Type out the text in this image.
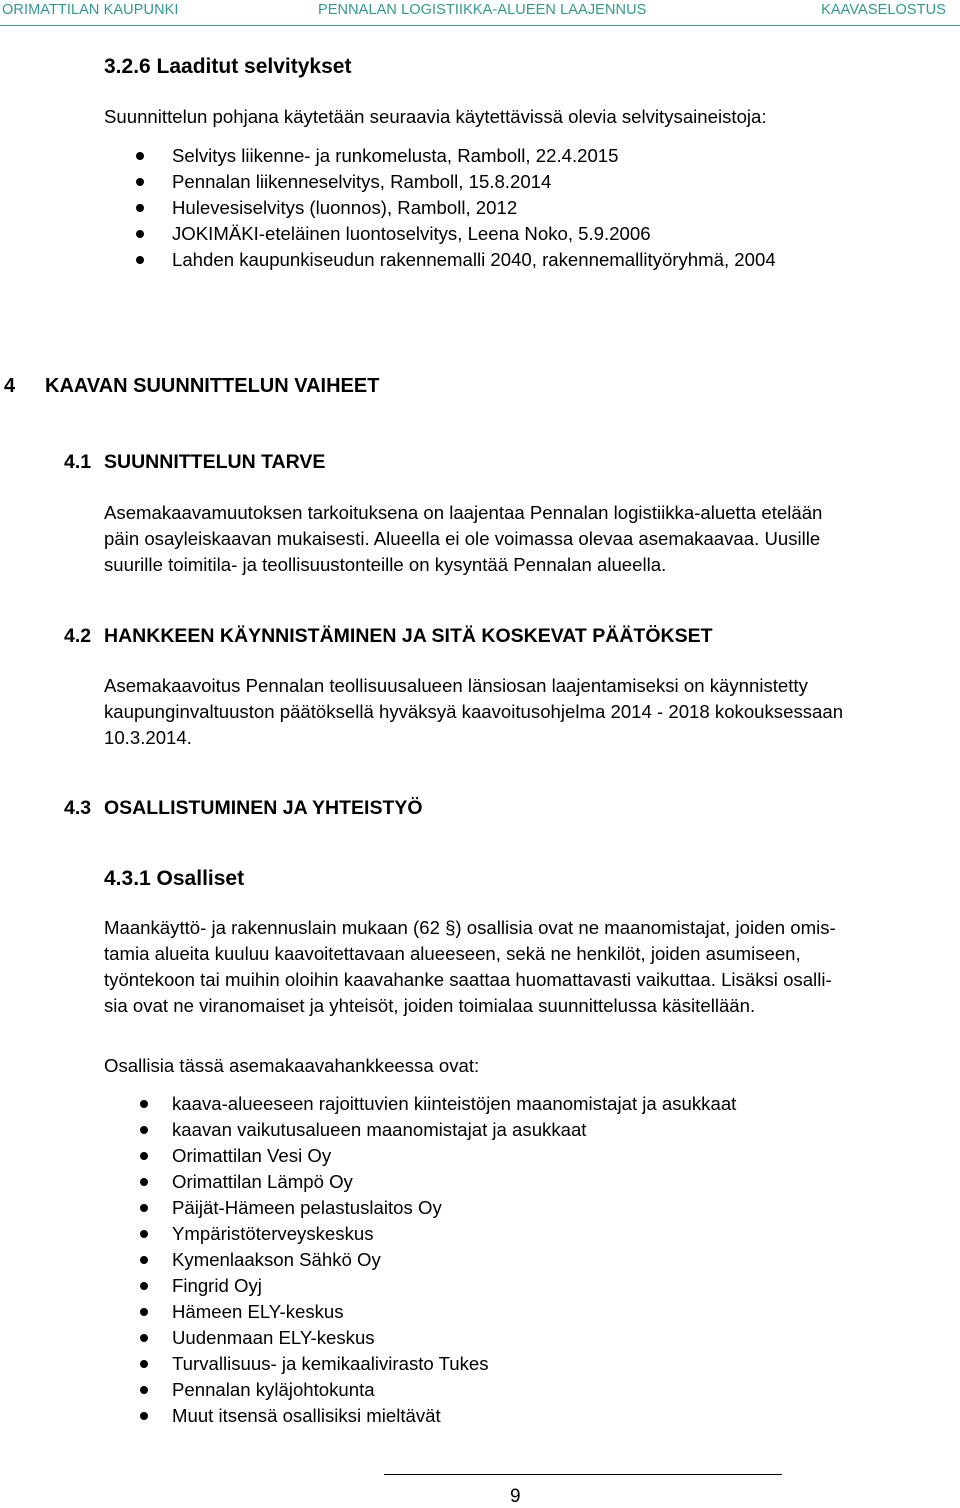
ORIMATTILAN KAUPUNKI	PENNALAN LOGISTIIKKA-ALUEEN LAAJENNUS	KAAVASELOSTUS
3.2.6 Laaditut selvitykset
Suunnittelun pohjana käytetään seuraavia käytettävissä olevia selvitysaineistoja:
Selvitys liikenne- ja runkomelusta, Ramboll, 22.4.2015
Pennalan liikenneselvitys, Ramboll, 15.8.2014
Hulevesiselvitys (luonnos), Ramboll, 2012
JOKIMÄKI-eteläinen luontoselvitys, Leena Noko, 5.9.2006
Lahden kaupunkiseudun rakennemalli 2040, rakennemallityöryhmä, 2004
4 KAAVAN SUUNNITTELUN VAIHEET
4.1 SUUNNITTELUN TARVE
Asemakaavamuutoksen tarkoituksena on laajentaa Pennalan logistiikka-aluetta etelään
päin osayleiskaavan mukaisesti. Alueella ei ole voimassa olevaa asemakaavaa. Uusille
suurille toimitila- ja teollisuustonteille on kysyntää Pennalan alueella.
4.2 HANKKEEN KÄYNNISTÄMINEN JA SITÄ KOSKEVAT PÄÄTÖKSET
Asemakaavoitus Pennalan teollisuusalueen länsiosan laajentamiseksi on käynnistetty
kaupunginvaltuuston päätöksellä hyväksyä kaavoitusohjelma 2014 - 2018 kokouksessaan
10.3.2014.
4.3 OSALLISTUMINEN JA YHTEISTYÖ
4.3.1 Osalliset
Maankäyttö- ja rakennuslain mukaan (62 §) osallisia ovat ne maanomistajat, joiden omis-
tamia alueita kuuluu kaavoitettavaan alueeseen, sekä ne henkilöt, joiden asumiseen,
työntekoon tai muihin oloihin kaavahanke saattaa huomattavasti vaikuttaa. Lisäksi osalli-
sia ovat ne viranomaiset ja yhteisöt, joiden toimialaa suunnittelussa käsitellään.
Osallisia tässä asemakaavahankkeessa ovat:
kaava-alueeseen rajoittuvien kiinteistöjen maanomistajat ja asukkaat
kaavan vaikutusalueen maanomistajat ja asukkaat
Orimattilan Vesi Oy
Orimattilan Lämpö Oy
Päijät-Hämeen pelastuslaitos Oy
Ympäristöterveyskeskus
Kymenlaakson Sähkö Oy
Fingrid Oyj
Hämeen ELY-keskus
Uudenmaan ELY-keskus
Turvallisuus- ja kemikaalivirasto Tukes
Pennalan kyläjohtokunta
Muut itsensä osallisiksi mieltävät
9
